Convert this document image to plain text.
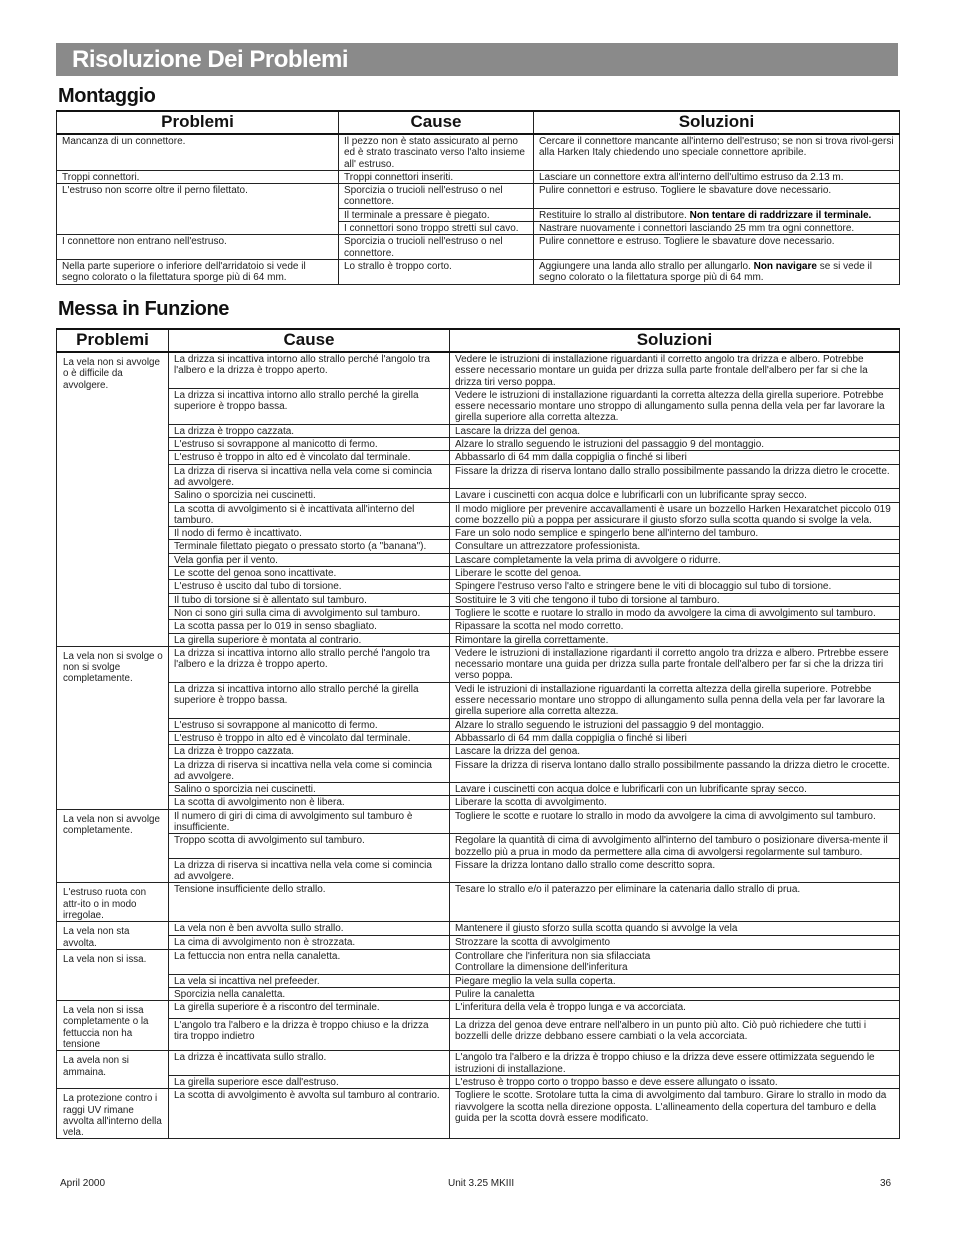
Risoluzione Dei Problemi
Montaggio
Problemi	Cause	Soluzioni
Mancanza di un connettore.	Il pezzo non è stato assicurato al perno ed è strato trascinato verso l'alto insieme all' estruso.	Cercare il connettore mancante all'interno dell'estruso; se non si trova rivol-gersi alla Harken Italy chiedendo uno speciale connettore apribile.
Troppi connettori.	Troppi connettori inseriti.	Lasciare un connettore extra all'interno dell'ultimo estruso da 2.13 m.
L'estruso non scorre oltre il perno filettato.	Sporcizia o trucioli nell'estruso o nel connettore.	Pulire connettori e estruso. Togliere le sbavature dove necessario.
	Il terminale a pressare è piegato.	Restituire lo strallo al distributore. Non tentare di raddrizzare il terminale.
	I connettori sono troppo stretti sul cavo.	Nastrare nuovamente i connettori lasciando 25 mm tra ogni connettore.
I connettore non entrano nell'estruso.	Sporcizia o trucioli nell'estruso o nel connettore.	Pulire connettore e estruso. Togliere le sbavature dove necessario.
Nella parte superiore o inferiore dell'arridatoio si vede il segno colorato o la filettatura sporge più di 64 mm.	Lo strallo è troppo corto.	Aggiungere una landa allo strallo per allungarlo. Non navigare se si vede il segno colorato o la filettatura sporge più di 64 mm.
Messa in Funzione
Problemi	Cause	Soluzioni
La vela non si avvolge o è difficile da avvolgere.	La drizza si incattiva intorno allo strallo perché l'angolo tra l'albero e la drizza è troppo aperto.	Vedere le istruzioni di installazione riguardanti il corretto angolo tra drizza e albero. Potrebbe essere necessario montare un guida per drizza sulla parte frontale dell'albero per far si che la drizza tiri verso poppa.
	La drizza si incattiva intorno allo strallo perché la girella superiore è troppo bassa.	Vedere le istruzioni di installazione riguardanti la corretta altezza della girella superiore. Potrebbe essere necessario montare uno stroppo di allungamento sulla penna della vela per far lavorare la girella superiore alla corretta altezza.
	La drizza è troppo cazzata.	Lascare la drizza del genoa.
	L'estruso si sovrappone al manicotto di fermo.	Alzare lo strallo seguendo le istruzioni del passaggio 9 del montaggio.
	L'estruso è troppo in alto ed è vincolato dal terminale.	Abbassarlo di 64 mm dalla coppiglia o finché si liberi
	La drizza di riserva si incattiva nella vela come si comincia ad avvolgere.	Fissare la drizza di riserva lontano dallo strallo possibilmente passando la drizza dietro le crocette.
	Salino o sporcizia nei cuscinetti.	Lavare i cuscinetti con acqua dolce e lubrificarli con un lubrificante spray secco.
	La scotta di avvolgimento si è incattivata all'interno del tamburo.	Il modo migliore per prevenire accavallamenti è usare un bozzello Harken Hexaratchet piccolo 019 come bozzello più a poppa per assicurare il giusto sforzo sulla scotta quando si svolge la vela.
	Il nodo di fermo è incattivato.	Fare un solo nodo semplice e spingerlo bene all'interno del tamburo.
	Terminale filettato piegato o pressato storto (a "banana").	Consultare un attrezzatore professionista.
	Vela gonfia per il vento.	Lascare completamente la vela prima di avvolgere o ridurre.
	Le scotte del genoa sono incattivate.	Liberare le scotte del genoa.
	L'estruso è uscito dal tubo di torsione.	Spingere l'estruso verso l'alto e stringere bene le viti di blocaggio sul tubo di torsione.
	Il tubo di torsione si è allentato sul tamburo.	Sostituire le 3 viti che tengono il tubo di torsione al tamburo.
	Non ci sono giri sulla cima di avvolgimento sul tamburo.	Togliere le scotte e ruotare lo strallo in modo da avvolgere la cima di avvolgimento sul tamburo.
	La scotta passa per lo 019 in senso sbagliato.	Ripassare la scotta nel modo corretto.
	La girella superiore è montata al contrario.	Rimontare la girella correttamente.
La vela non si svolge o non si svolge completamente.	La drizza si incattiva intorno allo strallo perché l'angolo tra l'albero e la drizza è troppo aperto.	Vedere le istruzioni di installazione rigardanti il corretto angolo tra drizza e albero. Prtrebbe essere necessario montare una guida per drizza sulla parte frontale dell'albero per far si che la drizza tiri verso poppa.
	La drizza si incattiva intorno allo strallo perché la girella superiore è troppo bassa.	Vedi le istruzioni di installazione riguardanti la corretta altezza della girella superiore. Potrebbe essere necessario montare uno stroppo di allungamento sulla penna della vela per far lavorare la girella superiore alla corretta altezza.
	L'estruso si sovrappone al manicotto di fermo.	Alzare lo strallo seguendo le istruzioni del passaggio 9 del montaggio.
	L'estruso è troppo in alto ed è vincolato dal terminale.	Abbassarlo di 64 mm dalla coppiglia o finché si liberi
	La drizza è troppo cazzata.	Lascare la drizza del genoa.
	La drizza di riserva si incattiva nella vela come si comincia ad avvolgere.	Fissare la drizza di riserva lontano dallo strallo possibilmente passando la drizza dietro le crocette.
	Salino o sporcizia nei cuscinetti.	Lavare i cuscinetti con acqua dolce e lubrificarli con un lubrificante spray secco.
	La scotta di avvolgimento non è libera.	Liberare la scotta di avvolgimento.
La vela non si avvolge completamente.	Il numero di giri di cima di avvolgimento sul tamburo è insufficiente.	Togliere le scotte e ruotare lo strallo in modo da avvolgere la cima di avvolgimento sul tamburo.
	Troppo scotta di avvolgimento sul tamburo.	Regolare la quantità di cima di avvolgimento all'interno del tamburo o posizionare diversa-mente il bozzello più a prua in modo da permettere alla cima di avvolgersi regolarmente sul tamburo.
	La drizza di riserva si incattiva nella vela come si comincia ad avvolgere.	Fissare la drizza lontano dallo strallo come descritto sopra.
L'estruso ruota con attr-ito o in modo irregolae.	Tensione insufficiente dello strallo.	Tesare lo strallo e/o il paterazzo per eliminare la catenaria dallo strallo di prua.
La vela non sta avvolta.	La vela non è ben avvolta sullo strallo.	Mantenere il giusto sforzo sulla scotta quando si avvolge la vela
	La cima di avvolgimento non è strozzata.	Strozzare la scotta di avvolgimento
La vela non si issa.	La fettuccia non entra nella canaletta.	Controllare che l'inferitura non sia sfilacciata
Controllare la dimensione dell'inferitura
	La vela si incattiva nel prefeeder.	Piegare meglio la vela sulla coperta.
	Sporcizia nella canaletta.	Pulire la canaletta
La vela non si issa completamente o la fettuccia non ha tensione	La girella superiore è a riscontro del terminale.	L'inferitura della vela è troppo lunga e va accorciata.
	L'angolo tra l'albero e la drizza è troppo chiuso e la drizza tira troppo indietro	La drizza del genoa deve entrare nell'albero in un punto più alto. Ciò può richiedere che tutti i bozzelli delle drizze debbano essere cambiati o la vela accorciata.
La avela non si ammaina.	La drizza è incattivata sullo strallo.	L'angolo tra l'albero e la drizza è troppo chiuso e la drizza deve essere ottimizzata seguendo le istruzioni di installazione.
	La girella superiore esce dall'estruso.	L'estruso è troppo corto o troppo basso e deve essere allungato o issato.
La protezione contro i raggi UV rimane avvolta all'interno della vela.	La scotta di avvolgimento è avvolta sul tamburo al contrario.	Togliere le scotte. Srotolare tutta la cima di avvolgimento dal tamburo. Girare lo strallo in modo da riavvolgere la scotta nella direzione opposta. L'allineamento della copertura del tamburo e della guida per la scotta dovrà essere modificato.
April 2000	Unit 3.25 MKIII	36
